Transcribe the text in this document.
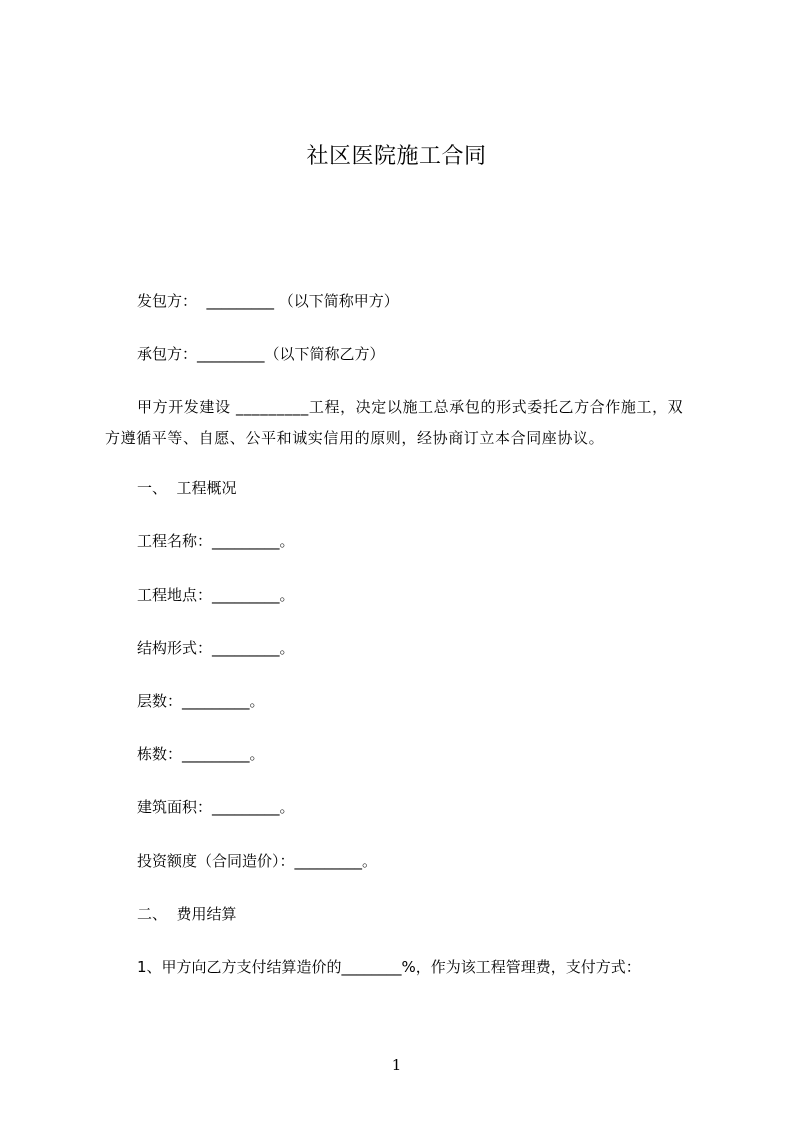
社区医院施工合同
发包方：  _________ （以下简称甲方）
承包方：_________（以下简称乙方）
甲方开发建设 _________工程，决定以施工总承包的形式委托乙方合作施工，双方遵循平等、自愿、公平和诚实信用的原则，经协商订立本合同座协议。
一、  工程概况
工程名称：_________。
工程地点：_________。
结构形式：_________。
层数：_________。
栋数：_________。
建筑面积：_________。
投资额度（合同造价）：_________。
二、  费用结算
1、甲方向乙方支付结算造价的________%，作为该工程管理费，支付方式：
1
